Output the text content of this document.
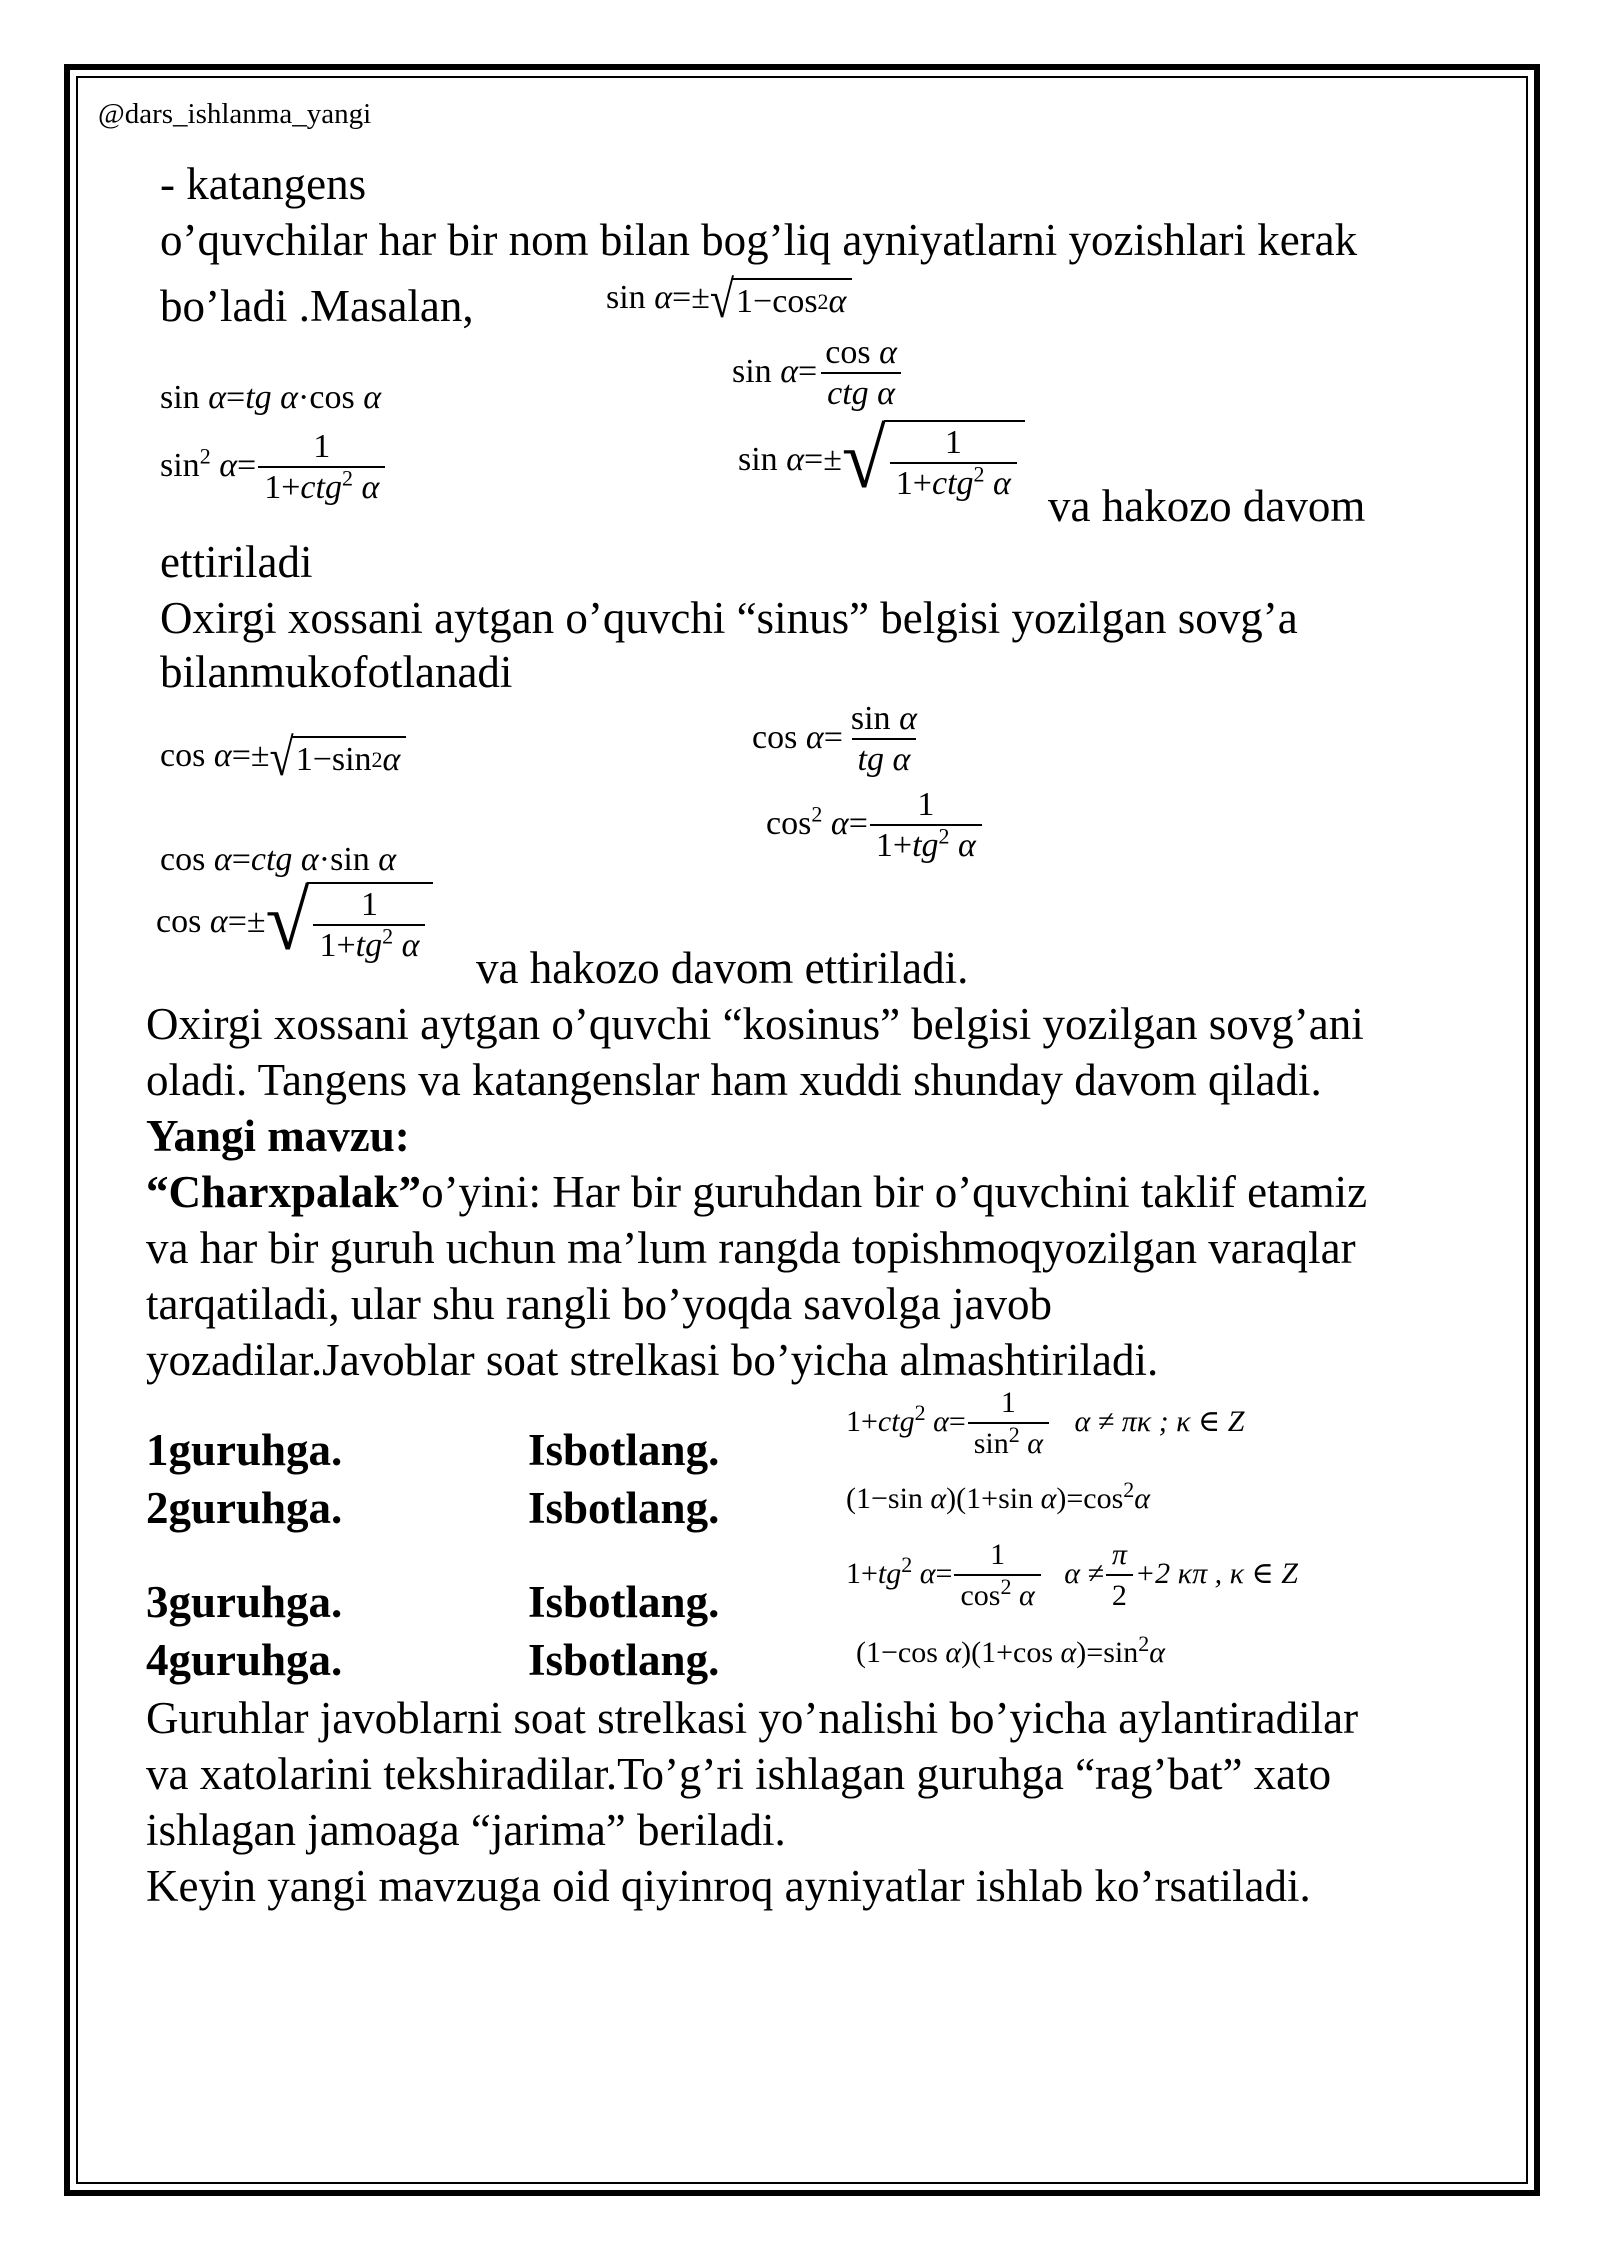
@dars_ishlanma_yangi
- katangens
o’quvchilar har bir nom bilan bog’liq ayniyatlarni yozishlari kerak
bo’ladi .Masalan,	sin α=± √ 1−cos 2 α
$\sin \alpha= \frac{\text{cos α}}{\text{ctg α}}$
sin α=tg α·cos α
$\sin^2 \alpha= \frac{1}{1+ctg^2 \alpha}$	sin α=± √ $\frac{1}{1+ctg^2 \alpha}$
va hakozo davom
ettiriladi
Oxirgi xossani aytgan o’quvchi “sinus” belgisi yozilgan sovg’a
bilanmukofotlanadi
$\cos \alpha= \frac{\text{sin α}}{\text{tg α}}$
cos α=± √ 1−sin 2 α
$\cos^2 \alpha= \frac{1}{1+tg^2 \alpha}$
cos α=ctg α·sin α
cos α=± √ $\frac{1}{1+tg^2 \alpha}$
va hakozo davom ettiriladi.
Oxirgi xossani aytgan o’quvchi “kosinus” belgisi yozilgan sovg’ani
oladi. Tangens va katangenslar ham xuddi shunday davom qiladi.
Yangi mavzu:
“Charxpalak”o’yini: Har bir guruhdan bir o’quvchini taklif etamiz
va har bir guruh uchun ma’lum rangda topishmoqyozilgan varaqlar
tarqatiladi, ular shu rangli bo’yoqda savolga javob
yozadilar.Javoblar soat strelkasi bo’yicha almashtiriladi.
1guruhga.	Isbotlang.
2guruhga.	Isbotlang.
3guruhga.	Isbotlang.
4guruhga.	Isbotlang.
1+ctg$^2$ $\alpha= \frac{1}{\sin^2 \alpha}$ α ≠ πκ ; κ ∈ Z
(1−sin α)(1+sin $\alpha)=\cos^2\alpha$
$1+tg^2$ $\alpha= \frac{1}{\cos^2 \alpha}$ $\alpha \ne \frac{\pi}{2} +2$ κπ , κ ∈ Z
(1−cos α)(1+cos $\alpha)=\sin^2\alpha$
Guruhlar javoblarni soat strelkasi yo’nalishi bo’yicha aylantiradilar
va xatolarini tekshiradilar.To’g’ri ishlagan guruhga “rag’bat” xato
ishlagan jamoaga “jarima” beriladi.
Keyin yangi mavzuga oid qiyinroq ayniyatlar ishlab ko’rsatiladi.
